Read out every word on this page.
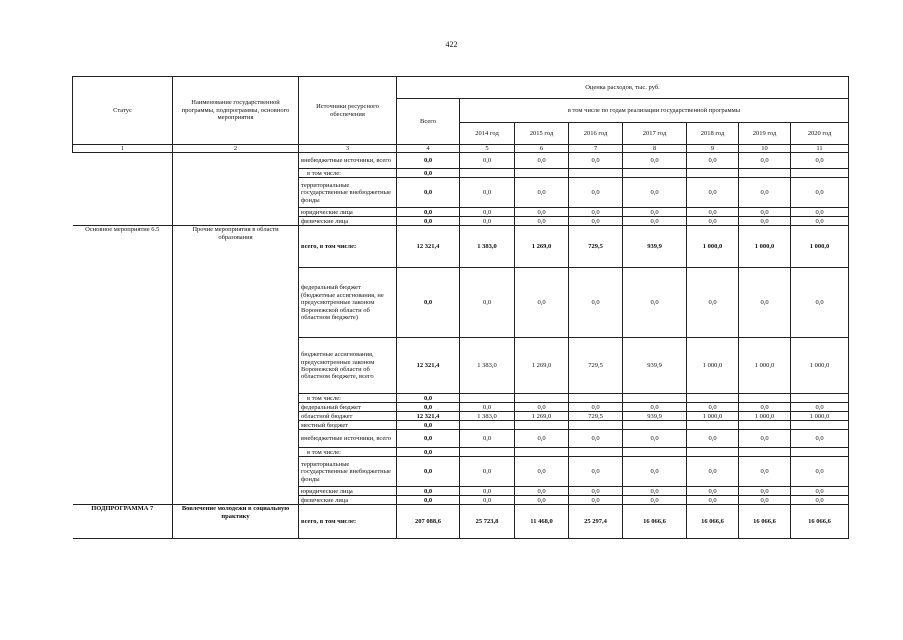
422
Статус	Наименование государственной программы, подпрограммы, основного мероприятия	Источники ресурсного обеспечения	Оценка расходов, тыс. руб.							
			Всего	в том числе по годам реализации государственной программы						
				2014 год	2015 год	2016 год	2017 год	2018 год	2019 год	2020 год
1	2	3	4	5	6	7	8	9	10	11
		внебюджетные источники, всего	0,0	0,0	0,0	0,0	0,0	0,0	0,0	0,0
		в том числе:	0,0							
		территориальные государственные внебюджетные фонды	0,0	0,0	0,0	0,0	0,0	0,0	0,0	0,0
		юридические лица	0,0	0,0	0,0	0,0	0,0	0,0	0,0	0,0
		физические лица	0,0	0,0	0,0	0,0	0,0	0,0	0,0	0,0
Основное мероприятие 6.5	Прочие мероприятия в области образования	всего, в том числе:	12 321,4	1 383,0	1 269,0	729,5	939,9	1 000,0	1 000,0	1 000,0
		федеральный бюджет (бюджетные ассигнования, не предусмотренные законом Воронежской области об областном бюджете)	0,0	0,0	0,0	0,0	0,0	0,0	0,0	0,0
		бюджетные ассигнования, предусмотренные законом Воронежской области об областном бюджете, всего	12 321,4	1 383,0	1 269,0	729,5	939,9	1 000,0	1 000,0	1 000,0
		в том числе:	0,0							
		федеральный бюджет	0,0	0,0	0,0	0,0	0,0	0,0	0,0	0,0
		областной бюджет	12 321,4	1 383,0	1 269,0	729,5	939,9	1 000,0	1 000,0	1 000,0
		местный бюджет	0,0							
		внебюджетные источники, всего	0,0	0,0	0,0	0,0	0,0	0,0	0,0	0,0
		в том числе:	0,0							
		территориальные государственные внебюджетные фонды	0,0	0,0	0,0	0,0	0,0	0,0	0,0	0,0
		юридические лица	0,0	0,0	0,0	0,0	0,0	0,0	0,0	0,0
		физические лица	0,0	0,0	0,0	0,0	0,0	0,0	0,0	0,0
ПОДПРОГРАММА 7	Вовлечение молодежи в социальную практику	всего, в том числе:	207 088,6	25 723,8	11 468,0	25 297,4	16 066,6	16 066,6	16 066,6	16 066,6
